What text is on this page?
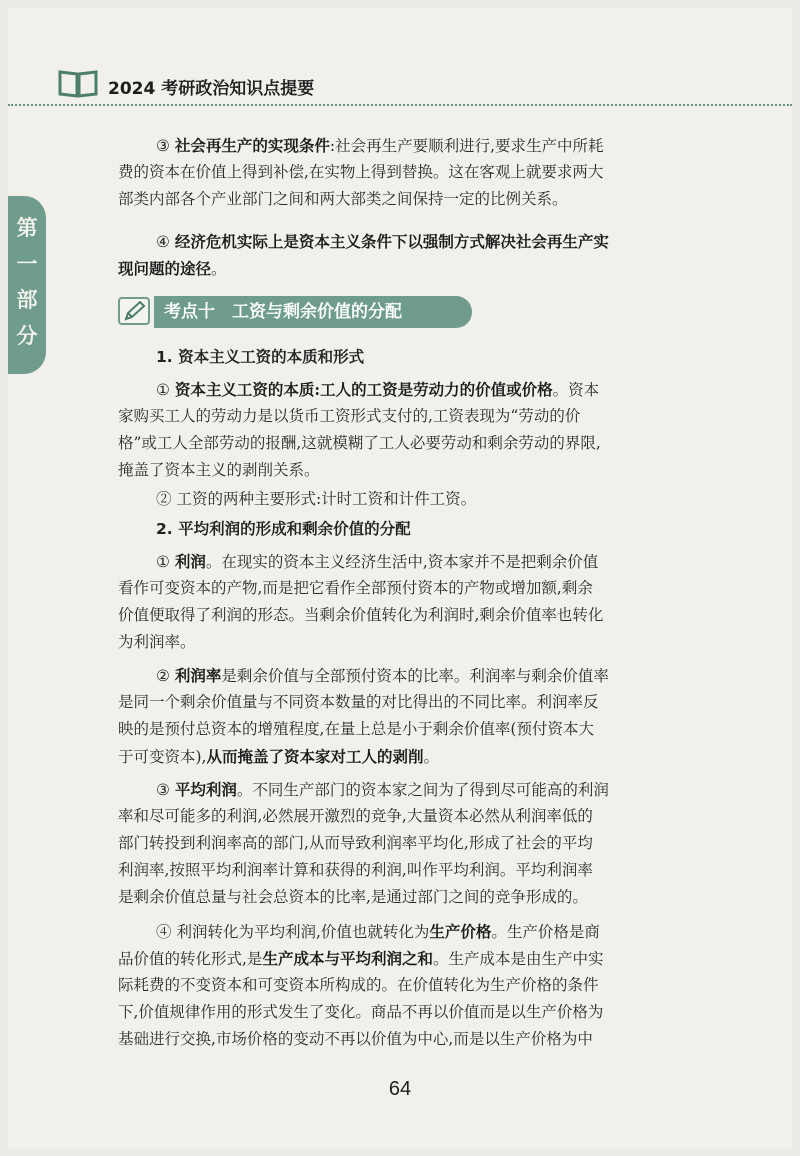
2024 考研政治知识点提要
第
一
部
分

③ 社会再生产的实现条件:社会再生产要顺利进行,要求生产中所耗

费的资本在价值上得到补偿,在实物上得到替换。这在客观上就要求两大

部类内部各个产业部门之间和两大部类之间保持一定的比例关系。

④ 经济危机实际上是资本主义条件下以强制方式解决社会再生产实

现问题的途径。

考点十　工资与剩余价值的分配

1. 资本主义工资的本质和形式

① 资本主义工资的本质:工人的工资是劳动力的价值或价格。资本

家购买工人的劳动力是以货币工资形式支付的,工资表现为“劳动的价

格”或工人全部劳动的报酬,这就模糊了工人必要劳动和剩余劳动的界限,

掩盖了资本主义的剥削关系。

② 工资的两种主要形式:计时工资和计件工资。

2. 平均利润的形成和剩余价值的分配

① 利润。在现实的资本主义经济生活中,资本家并不是把剩余价值

看作可变资本的产物,而是把它看作全部预付资本的产物或增加额,剩余

价值便取得了利润的形态。当剩余价值转化为利润时,剩余价值率也转化

为利润率。

② 利润率是剩余价值与全部预付资本的比率。利润率与剩余价值率

是同一个剩余价值量与不同资本数量的对比得出的不同比率。利润率反

映的是预付总资本的增殖程度,在量上总是小于剩余价值率(预付资本大

于可变资本),从而掩盖了资本家对工人的剥削。

③ 平均利润。不同生产部门的资本家之间为了得到尽可能高的利润

率和尽可能多的利润,必然展开激烈的竞争,大量资本必然从利润率低的

部门转投到利润率高的部门,从而导致利润率平均化,形成了社会的平均

利润率,按照平均利润率计算和获得的利润,叫作平均利润。平均利润率

是剩余价值总量与社会总资本的比率,是通过部门之间的竞争形成的。

④ 利润转化为平均利润,价值也就转化为生产价格。生产价格是商

品价值的转化形式,是生产成本与平均利润之和。生产成本是由生产中实

际耗费的不变资本和可变资本所构成的。在价值转化为生产价格的条件

下,价值规律作用的形式发生了变化。商品不再以价值而是以生产价格为

基础进行交换,市场价格的变动不再以价值为中心,而是以生产价格为中

64
